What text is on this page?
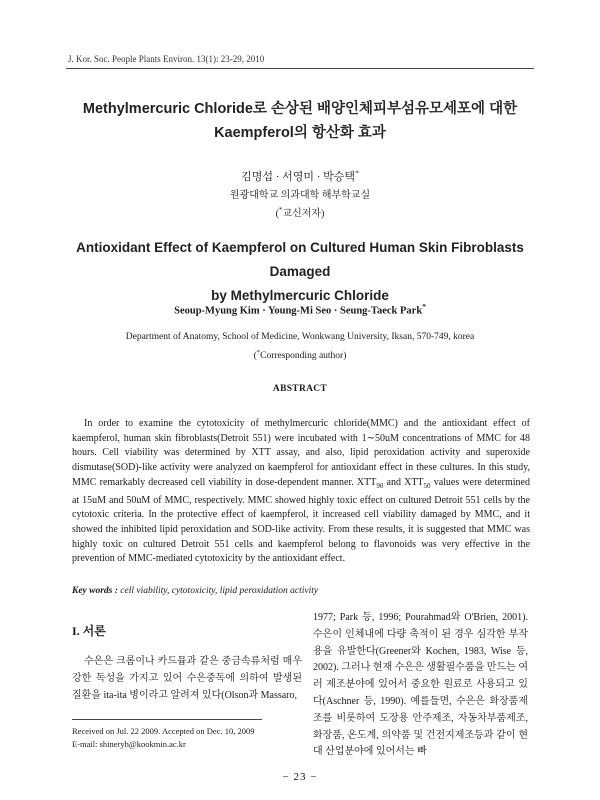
J. Kor. Soc. People Plants Environ. 13(1): 23-29, 2010
Methylmercuric Chloride로 손상된 배양인체피부섬유모세포에 대한
Kaempferol의 항산화 효과
김명섭 · 서영미 · 박승택*
원광대학교 의과대학 해부학교실
(*교신저자)
Antioxidant Effect of Kaempferol on Cultured Human Skin Fibroblasts Damaged
by Methylmercuric Chloride
Seoup-Myung Kim · Young-Mi Seo · Seung-Taeck Park*
Department of Anatomy, School of Medicine, Wonkwang University, Iksan, 570-749, korea
(*Corresponding author)
ABSTRACT
In order to examine the cytotoxicity of methylmercuric chloride(MMC) and the antioxidant effect of kaempferol, human skin fibroblasts(Detroit 551) were incubated with 1∼50uM concentrations of MMC for 48 hours. Cell viability was determined by XTT assay, and also, lipid peroxidation activity and superoxide dismutase(SOD)-like activity were analyzed on kaempferol for antioxidant effect in these cultures. In this study, MMC remarkably decreased cell viability in dose-dependent manner. $XTT_{90}$ and $XTT_{50}$ values were determined at 15uM and 50uM of MMC, respectively. MMC showed highly toxic effect on cultured Detroit 551 cells by the cytotoxic criteria. In the protective effect of kaempferol, it increased cell viability damaged by MMC, and it showed the inhibited lipid peroxidation and SOD-like activity. From these results, it is suggested that MMC was highly toxic on cultured Detroit 551 cells and kaempferol belong to flavonoids was very effective in the prevention of MMC-mediated cytotoxicity by the antioxidant effect.
Key words : cell viability, cytotoxicity, lipid peroxidation activity
I. 서론
수은은 크롬이나 카드뮴과 같은 중금속류처럼 매우 강한 독성을 가지고 있어 수은중독에 의하여 발생된 질환을 ita-ita 병이라고 알려져 있다(Olson과 Massaro,
1977; Park 등, 1996; Pourahmad와 O'Brien, 2001). 수은이 인체내에 다량 축적이 된 경우 심각한 부작용을 유발한다(Greener와 Kochen, 1983, Wise 등, 2002). 그러나 현재 수은은 생활필수품을 만드는 여러 제조분야에 있어서 중요한 원료로 사용되고 있다(Aschner 등, 1990). 예를들면, 수은은 화장품제조를 비롯하여 도장용 안주제조, 자동차부품제조, 화장품, 온도계, 의약품 및 건전지제조등과 같이 현대 산업분야에 있어서는 빠
Received on Jul. 22 2009. Accepted on Dec. 10, 2009
E-mail: shineryh@kookmin.ac.kr
− 23 −
